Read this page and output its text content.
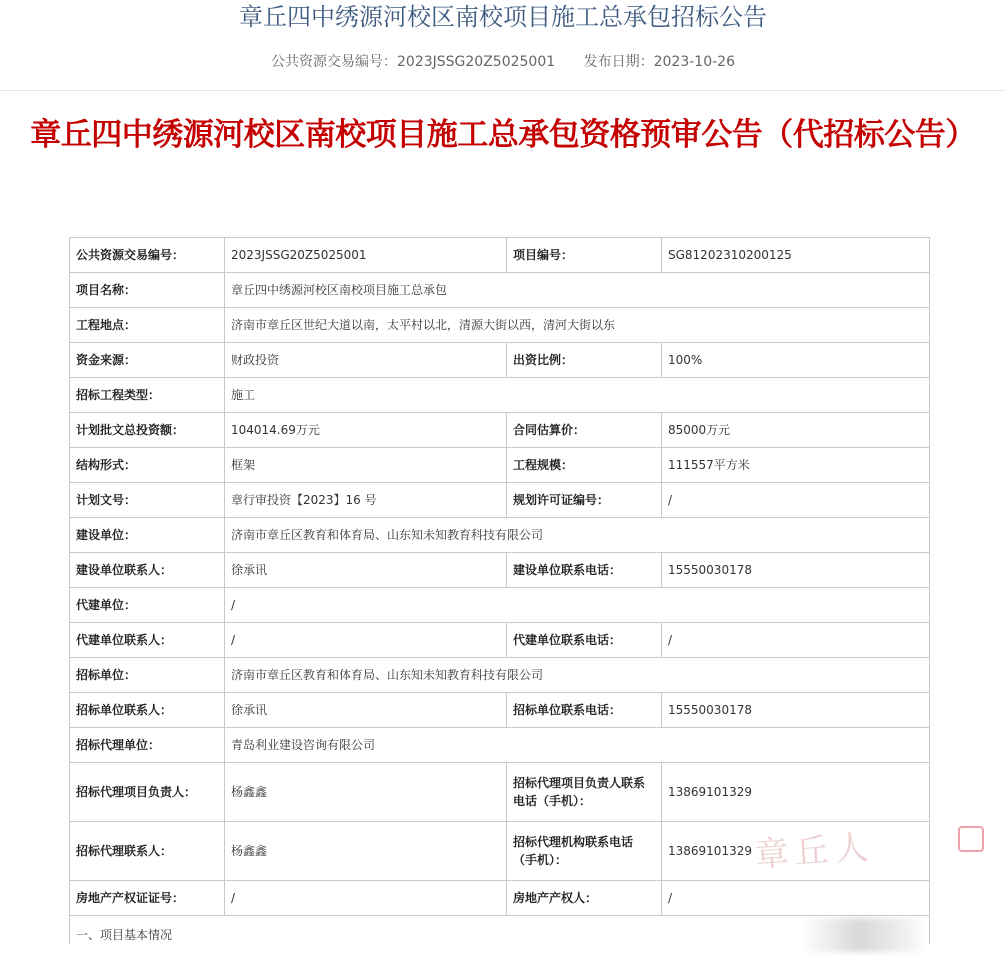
章丘四中绣源河校区南校项目施工总承包招标公告
公共资源交易编号：2023JSSG20Z5025001 发布日期：2023-10-26
章丘四中绣源河校区南校项目施工总承包资格预审公告（代招标公告）
公共资源交易编号：	2023JSSG20Z5025001	项目编号：	SG81202310200125
项目名称：	章丘四中绣源河校区南校项目施工总承包		
工程地点：	济南市章丘区世纪大道以南，太平村以北，清源大街以西，清河大街以东		
资金来源：	财政投资	出资比例：	100%
招标工程类型：	施工		
计划批文总投资额：	104014.69万元	合同估算价：	85000万元
结构形式：	框架	工程规模：	111557平方米
计划文号：	章行审投资【2023】16 号	规划许可证编号：	/
建设单位：	济南市章丘区教育和体育局、山东知未知教育科技有限公司		
建设单位联系人：	徐承讯	建设单位联系电话：	15550030178
代建单位：	/		
代建单位联系人：	/	代建单位联系电话：	/
招标单位：	济南市章丘区教育和体育局、山东知未知教育科技有限公司		
招标单位联系人：	徐承讯	招标单位联系电话：	15550030178
招标代理单位：	青岛利业建设咨询有限公司		
招标代理项目负责人：	杨鑫鑫	招标代理项目负责人联系电话（手机）：	13869101329
招标代理联系人：	杨鑫鑫	招标代理机构联系电话（手机）：	13869101329
房地产产权证证号：	/	房地产产权人：	/
一、项目基本情况			
章丘人
